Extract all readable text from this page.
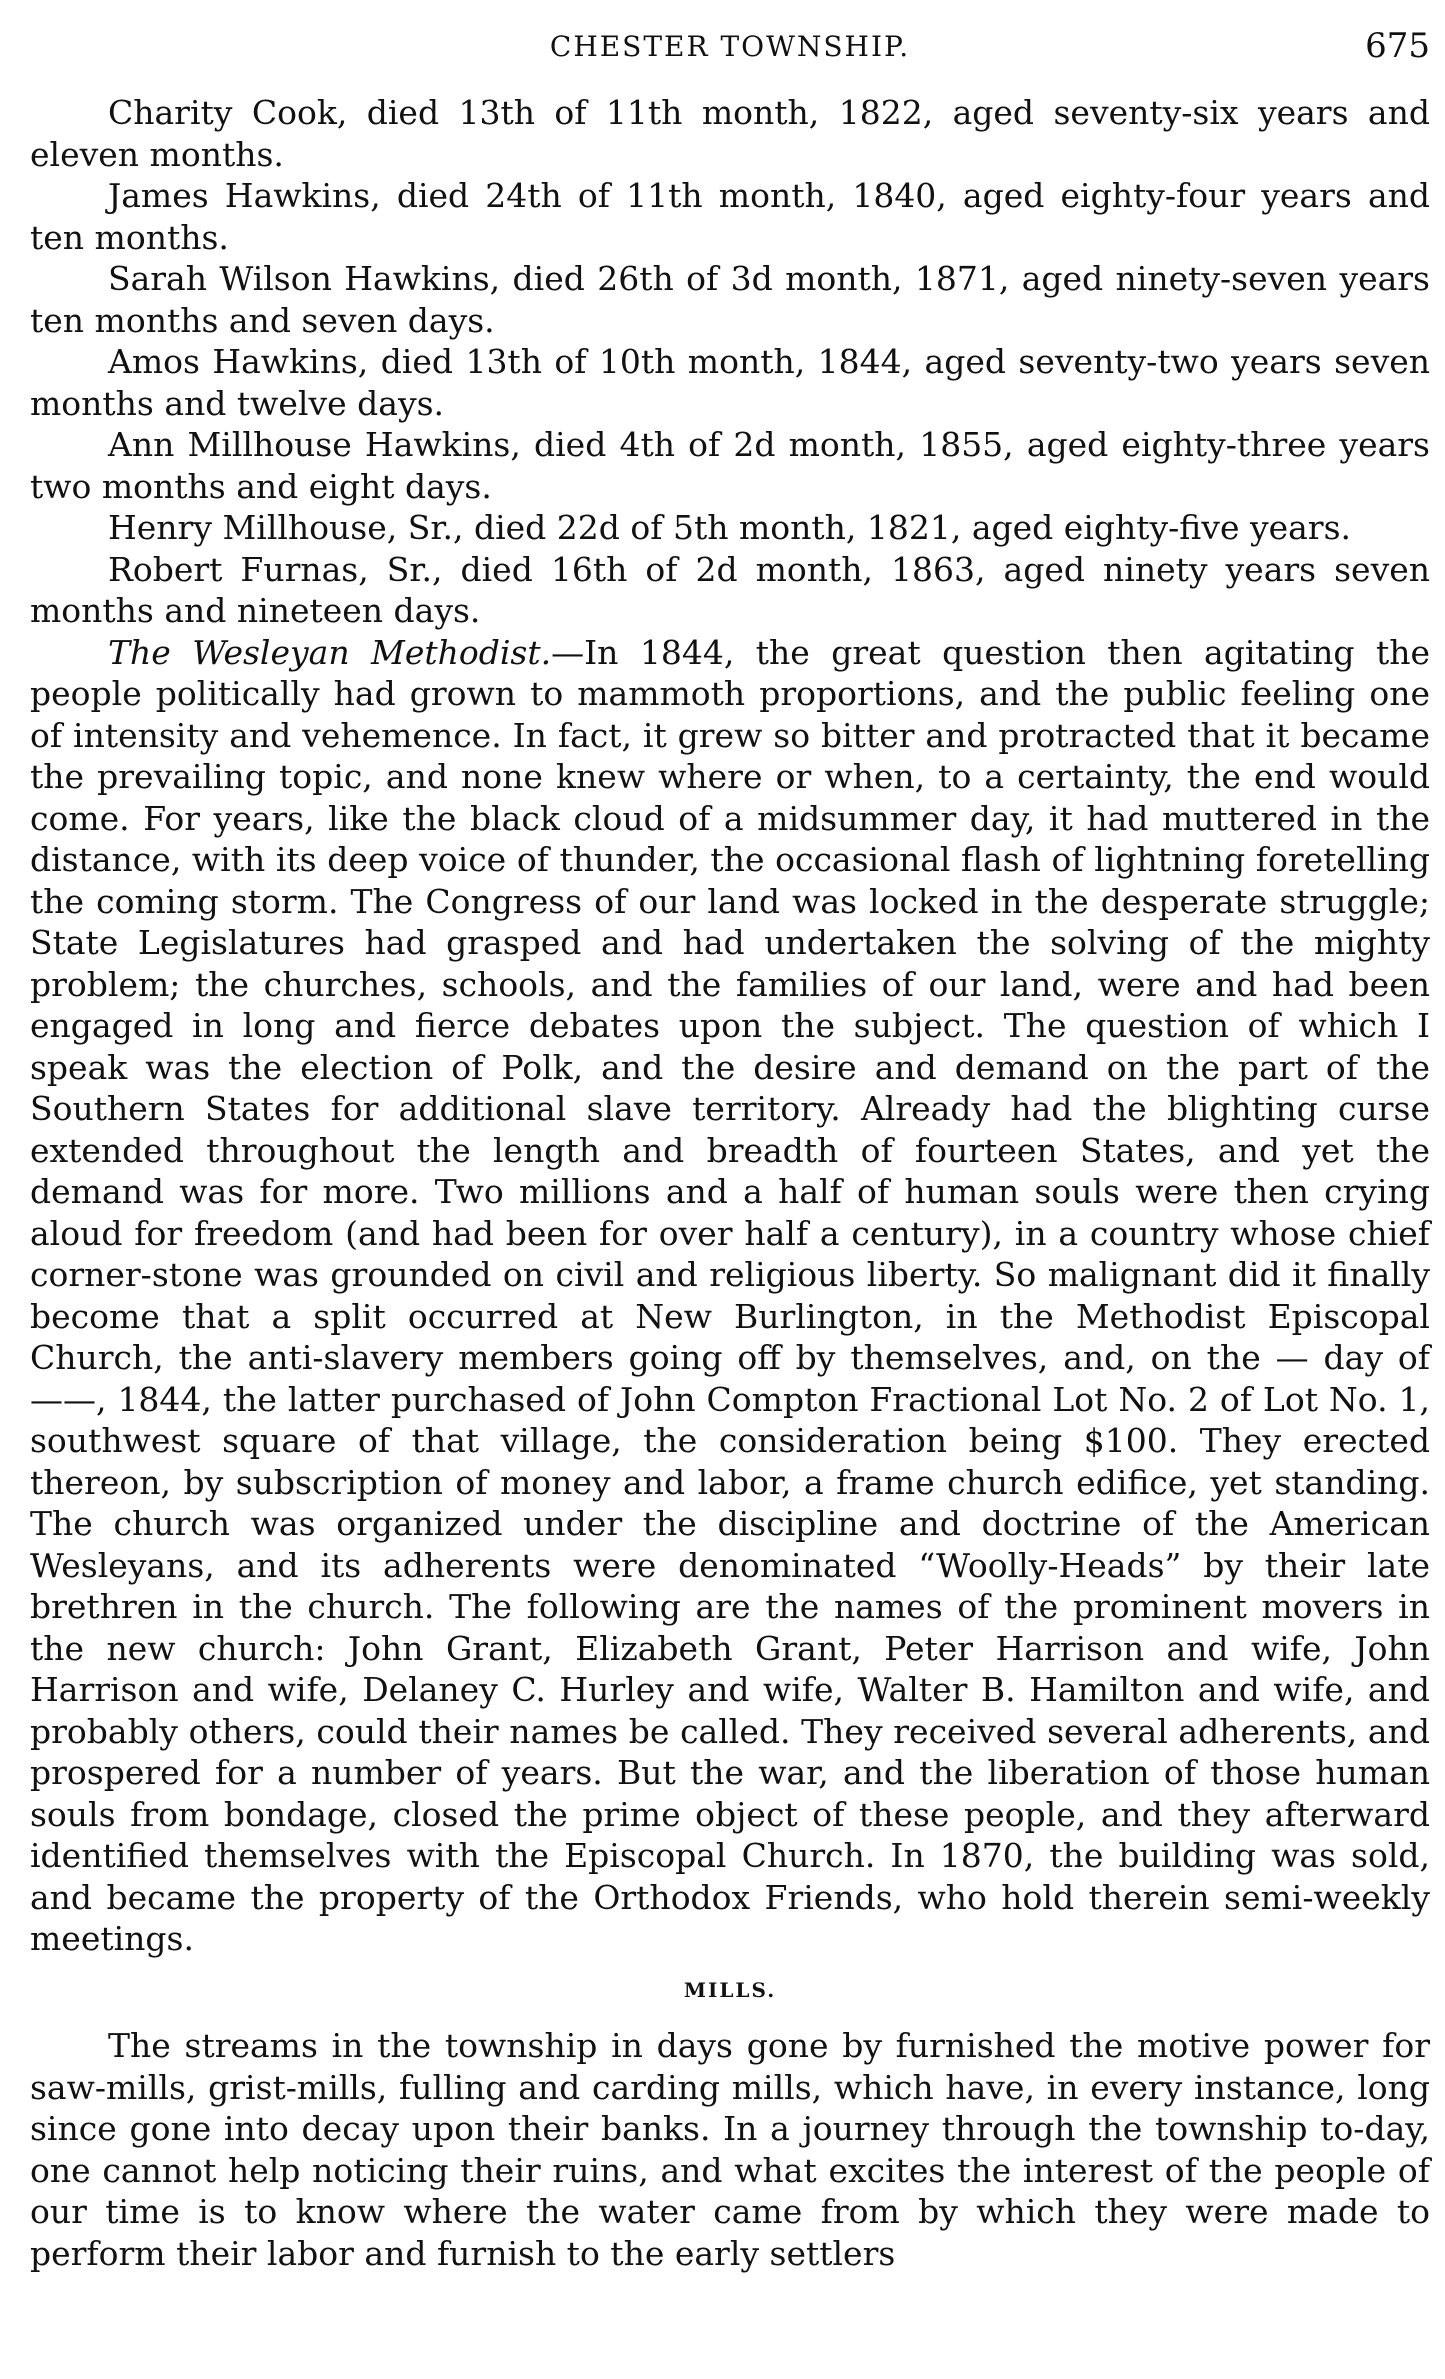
CHESTER TOWNSHIP.	675

Charity Cook, died 13th of 11th month, 1822, aged seventy-six years and eleven months.

James Hawkins, died 24th of 11th month, 1840, aged eighty-four years and ten months.

Sarah Wilson Hawkins, died 26th of 3d month, 1871, aged ninety-seven years ten months and seven days.

Amos Hawkins, died 13th of 10th month, 1844, aged seventy-two years seven months and twelve days.

Ann Millhouse Hawkins, died 4th of 2d month, 1855, aged eighty-three years two months and eight days.

Henry Millhouse, Sr., died 22d of 5th month, 1821, aged eighty-five years.

Robert Furnas, Sr., died 16th of 2d month, 1863, aged ninety years seven months and nineteen days.

The Wesleyan Methodist.—In 1844, the great question then agitating the people politically had grown to mammoth proportions, and the public feeling one of intensity and vehemence. In fact, it grew so bitter and protracted that it became the prevailing topic, and none knew where or when, to a certainty, the end would come. For years, like the black cloud of a midsummer day, it had muttered in the distance, with its deep voice of thunder, the occasional flash of lightning foretelling the coming storm. The Congress of our land was locked in the desperate struggle; State Legislatures had grasped and had undertaken the solving of the mighty problem; the churches, schools, and the families of our land, were and had been engaged in long and fierce debates upon the subject. The question of which I speak was the election of Polk, and the desire and demand on the part of the Southern States for additional slave territory. Already had the blighting curse extended throughout the length and breadth of fourteen States, and yet the demand was for more. Two millions and a half of human souls were then crying aloud for freedom (and had been for over half a century), in a country whose chief corner-stone was grounded on civil and religious liberty. So malignant did it finally become that a split occurred at New Burlington, in the Methodist Episcopal Church, the anti-slavery members going off by themselves, and, on the — day of ——, 1844, the latter purchased of John Compton Fractional Lot No. 2 of Lot No. 1, southwest square of that village, the consideration being $100. They erected thereon, by subscription of money and labor, a frame church edifice, yet standing. The church was organized under the discipline and doctrine of the American Wesleyans, and its adherents were denominated “Woolly-Heads” by their late brethren in the church. The following are the names of the prominent movers in the new church: John Grant, Elizabeth Grant, Peter Harrison and wife, John Harrison and wife, Delaney C. Hurley and wife, Walter B. Hamilton and wife, and probably others, could their names be called. They received several adherents, and prospered for a number of years. But the war, and the liberation of those human souls from bondage, closed the prime object of these people, and they afterward identified themselves with the Episcopal Church. In 1870, the building was sold, and became the property of the Orthodox Friends, who hold therein semi-weekly meetings.

MILLS.

The streams in the township in days gone by furnished the motive power for saw-mills, grist-mills, fulling and carding mills, which have, in every instance, long since gone into decay upon their banks. In a journey through the township to-day, one cannot help noticing their ruins, and what excites the interest of the people of our time is to know where the water came from by which they were made to perform their labor and furnish to the early settlers
